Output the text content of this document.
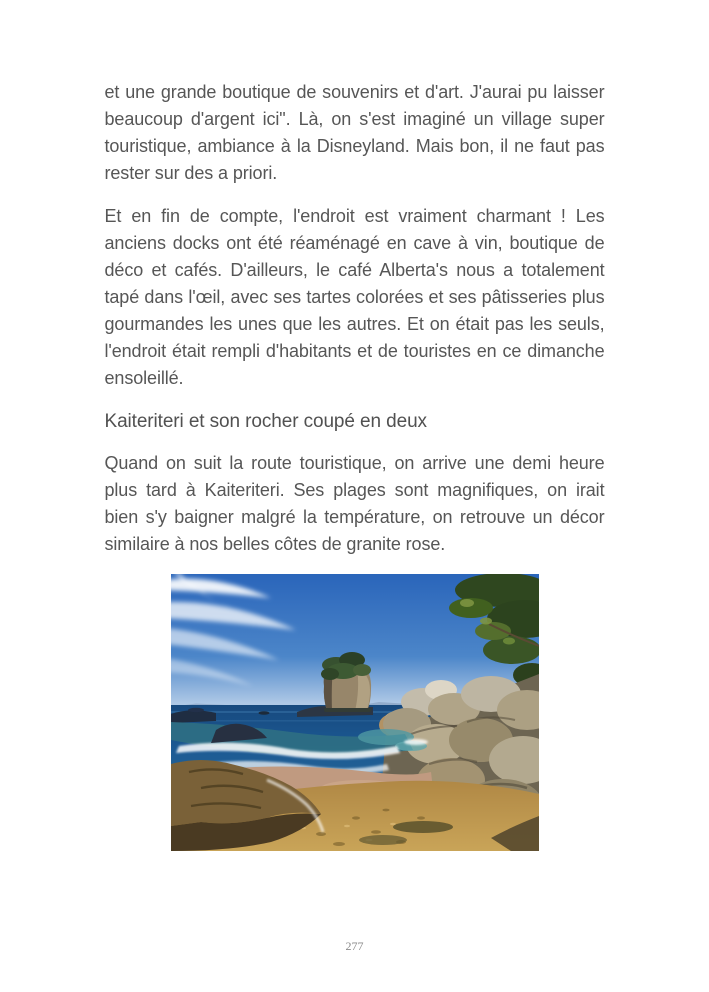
et une grande boutique de souvenirs et d'art. J'aurai pu laisser beaucoup d'argent ici". Là, on s'est imaginé un village super touristique, ambiance à la Disneyland. Mais bon, il ne faut pas rester sur des a priori.

Et en fin de compte, l'endroit est vraiment charmant ! Les anciens docks ont été réaménagé en cave à vin, boutique de déco et cafés. D'ailleurs, le café Alberta's nous a totalement tapé dans l'œil, avec ses tartes colorées et ses pâtisseries plus gourmandes les unes que les autres. Et on était pas les seuls, l'endroit était rempli d'habitants et de touristes en ce dimanche ensoleillé.

Kaiteriteri et son rocher coupé en deux

Quand on suit la route touristique, on arrive une demi heure plus tard à Kaiteriteri. Ses plages sont magnifiques, on irait bien s'y baigner malgré la température, on retrouve un décor similaire à nos belles côtes de granite rose.

277
